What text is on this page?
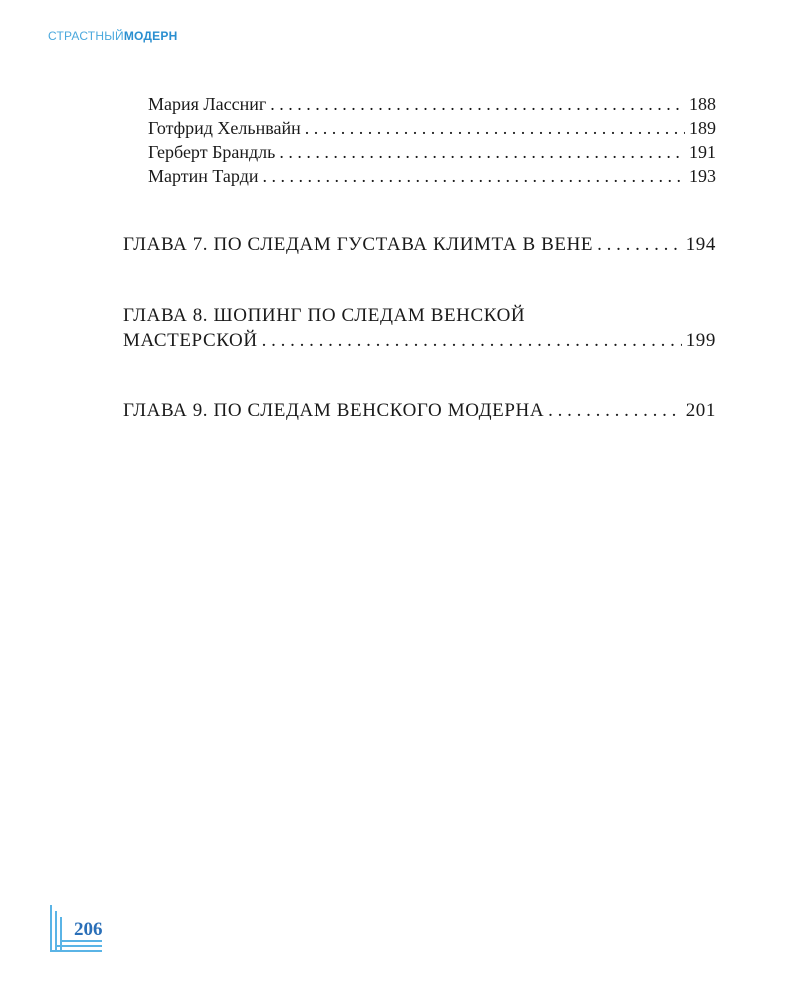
СТРАСТНЫЙМОДЕРН
Мария Лассниг . . .	188
Готфрид Хельнвайн . . .	189
Герберт Брандль . . .	191
Мартин Тарди . . .	193
ГЛАВА 7. ПО СЛЕДАМ ГУСТАВА КЛИМТА В ВЕНЕ . . .	194
ГЛАВА 8. ШОПИНГ ПО СЛЕДАМ ВЕНСКОЙ
МАСТЕРСКОЙ . . .	199
ГЛАВА 9. ПО СЛЕДАМ ВЕНСКОГО МОДЕРНА . . .	201
206
